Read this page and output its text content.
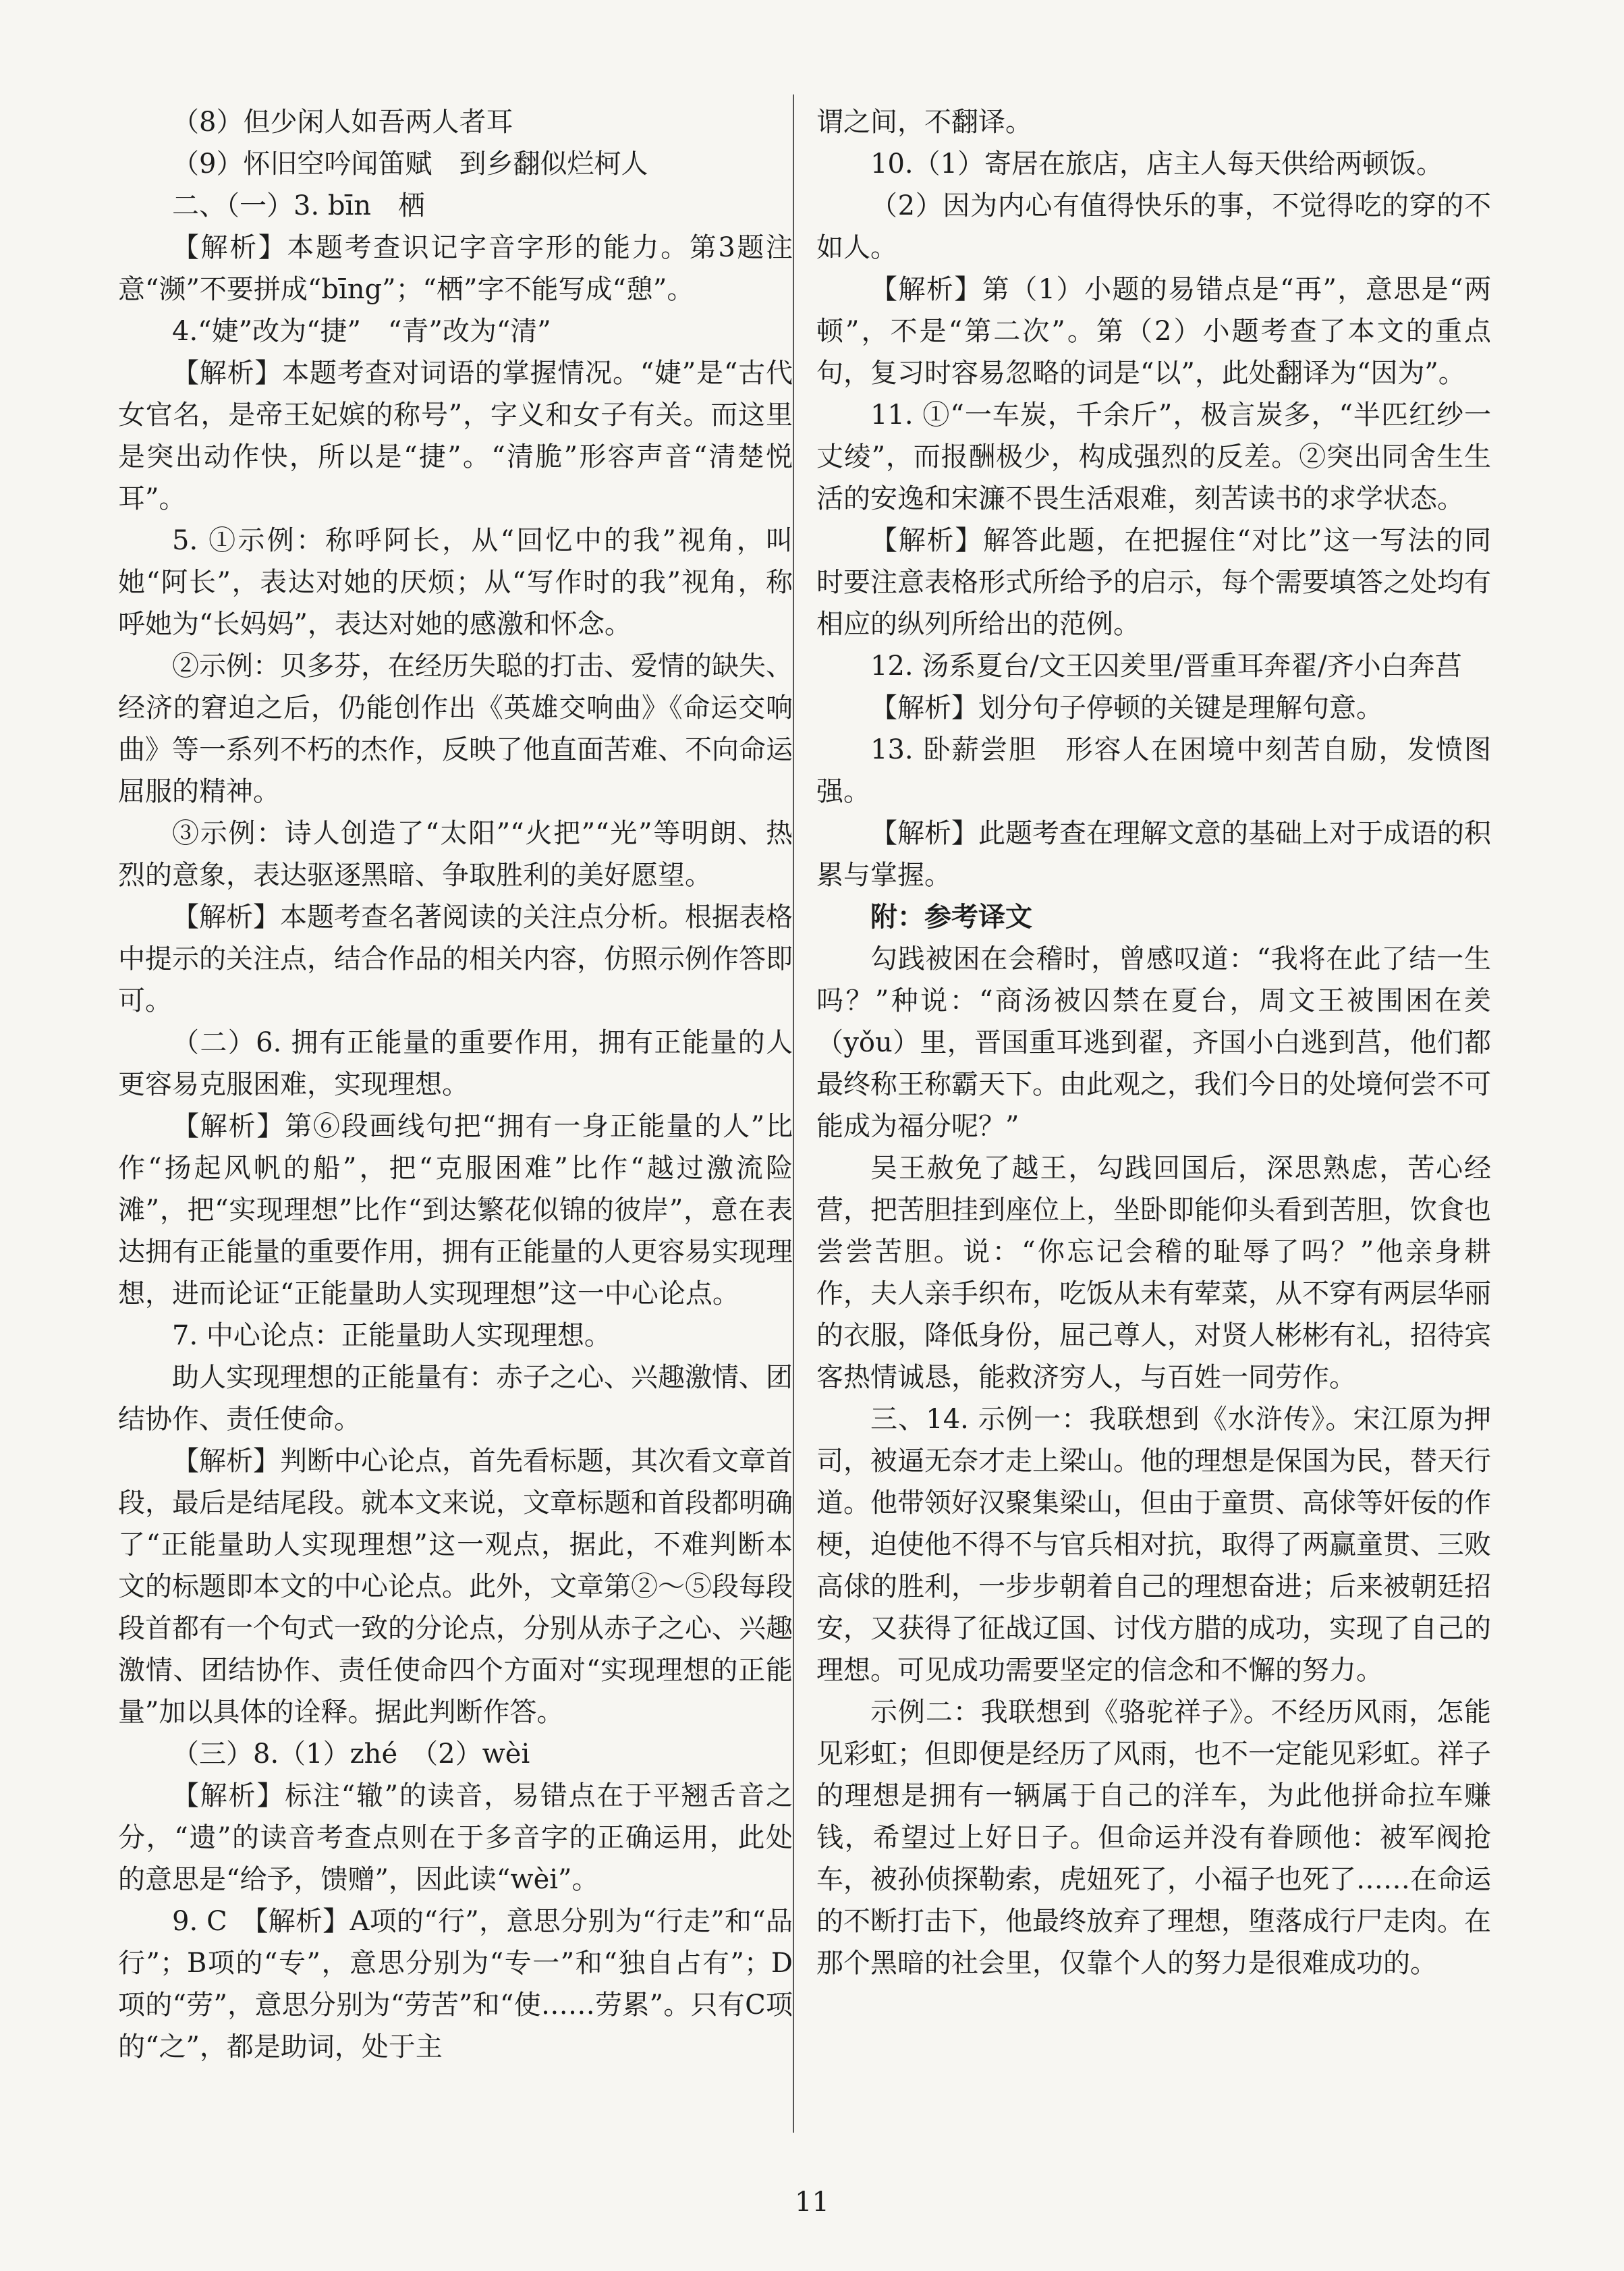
（8）但少闲人如吾两人者耳

（9）怀旧空吟闻笛赋　到乡翻似烂柯人

二、（一）3. bīn　栖

【解析】本题考查识记字音字形的能力。第3题注意“濒”不要拼成“bīng”；“栖”字不能写成“憩”。

4.“婕”改为“捷”　“青”改为“清”

【解析】本题考查对词语的掌握情况。“婕”是“古代女官名，是帝王妃嫔的称号”，字义和女子有关。而这里是突出动作快，所以是“捷”。“清脆”形容声音“清楚悦耳”。

5. ①示例：称呼阿长，从“回忆中的我”视角，叫她“阿长”，表达对她的厌烦；从“写作时的我”视角，称呼她为“长妈妈”，表达对她的感激和怀念。

②示例：贝多芬，在经历失聪的打击、爱情的缺失、经济的窘迫之后，仍能创作出《英雄交响曲》《命运交响曲》等一系列不朽的杰作，反映了他直面苦难、不向命运屈服的精神。

③示例：诗人创造了“太阳”“火把”“光”等明朗、热烈的意象，表达驱逐黑暗、争取胜利的美好愿望。

【解析】本题考查名著阅读的关注点分析。根据表格中提示的关注点，结合作品的相关内容，仿照示例作答即可。

（二）6. 拥有正能量的重要作用，拥有正能量的人更容易克服困难，实现理想。

【解析】第⑥段画线句把“拥有一身正能量的人”比作“扬起风帆的船”，把“克服困难”比作“越过激流险滩”，把“实现理想”比作“到达繁花似锦的彼岸”，意在表达拥有正能量的重要作用，拥有正能量的人更容易实现理想，进而论证“正能量助人实现理想”这一中心论点。

7. 中心论点：正能量助人实现理想。

助人实现理想的正能量有：赤子之心、兴趣激情、团结协作、责任使命。

【解析】判断中心论点，首先看标题，其次看文章首段，最后是结尾段。就本文来说，文章标题和首段都明确了“正能量助人实现理想”这一观点，据此，不难判断本文的标题即本文的中心论点。此外，文章第②～⑤段每段段首都有一个句式一致的分论点，分别从赤子之心、兴趣激情、团结协作、责任使命四个方面对“实现理想的正能量”加以具体的诠释。据此判断作答。

（三）8.（1）zhé　（2）wèi

【解析】标注“辙”的读音，易错点在于平翘舌音之分，“遗”的读音考查点则在于多音字的正确运用，此处的意思是“给予，馈赠”，因此读“wèi”。

9. C　【解析】A项的“行”，意思分别为“行走”和“品行”；B项的“专”，意思分别为“专一”和“独自占有”；D项的“劳”，意思分别为“劳苦”和“使……劳累”。只有C项的“之”，都是助词，处于主

谓之间，不翻译。

10.（1）寄居在旅店，店主人每天供给两顿饭。

（2）因为内心有值得快乐的事，不觉得吃的穿的不如人。

【解析】第（1）小题的易错点是“再”，意思是“两顿”，不是“第二次”。第（2）小题考查了本文的重点句，复习时容易忽略的词是“以”，此处翻译为“因为”。

11. ①“一车炭，千余斤”，极言炭多，“半匹红纱一丈绫”，而报酬极少，构成强烈的反差。②突出同舍生生活的安逸和宋濂不畏生活艰难，刻苦读书的求学状态。

【解析】解答此题，在把握住“对比”这一写法的同时要注意表格形式所给予的启示，每个需要填答之处均有相应的纵列所给出的范例。

12. 汤系夏台/文王囚羑里/晋重耳奔翟/齐小白奔莒

【解析】划分句子停顿的关键是理解句意。

13. 卧薪尝胆　形容人在困境中刻苦自励，发愤图强。

【解析】此题考查在理解文意的基础上对于成语的积累与掌握。

附：参考译文

勾践被困在会稽时，曾感叹道：“我将在此了结一生吗？”种说：“商汤被囚禁在夏台，周文王被围困在羑（yǒu）里，晋国重耳逃到翟，齐国小白逃到莒，他们都最终称王称霸天下。由此观之，我们今日的处境何尝不可能成为福分呢？”

吴王赦免了越王，勾践回国后，深思熟虑，苦心经营，把苦胆挂到座位上，坐卧即能仰头看到苦胆，饮食也尝尝苦胆。说：“你忘记会稽的耻辱了吗？”他亲身耕作，夫人亲手织布，吃饭从未有荤菜，从不穿有两层华丽的衣服，降低身份，屈己尊人，对贤人彬彬有礼，招待宾客热情诚恳，能救济穷人，与百姓一同劳作。

三、14. 示例一：我联想到《水浒传》。宋江原为押司，被逼无奈才走上梁山。他的理想是保国为民，替天行道。他带领好汉聚集梁山，但由于童贯、高俅等奸佞的作梗，迫使他不得不与官兵相对抗，取得了两赢童贯、三败高俅的胜利，一步步朝着自己的理想奋进；后来被朝廷招安，又获得了征战辽国、讨伐方腊的成功，实现了自己的理想。可见成功需要坚定的信念和不懈的努力。

示例二：我联想到《骆驼祥子》。不经历风雨，怎能见彩虹；但即便是经历了风雨，也不一定能见彩虹。祥子的理想是拥有一辆属于自己的洋车，为此他拼命拉车赚钱，希望过上好日子。但命运并没有眷顾他：被军阀抢车，被孙侦探勒索，虎妞死了，小福子也死了……在命运的不断打击下，他最终放弃了理想，堕落成行尸走肉。在那个黑暗的社会里，仅靠个人的努力是很难成功的。

11
